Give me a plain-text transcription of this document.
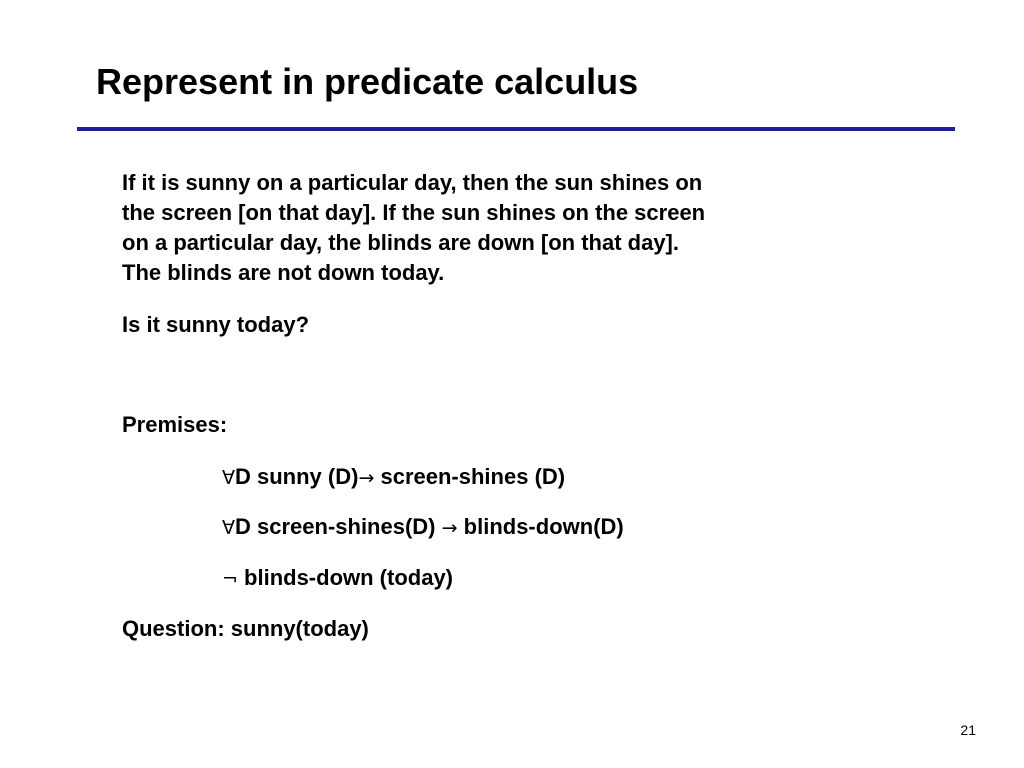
Represent in predicate calculus

If it is sunny on a particular day, then the sun shines on

the screen [on that day]. If the sun shines on the screen

on a particular day, the blinds are down [on that day].

The blinds are not down today.

Is it sunny today?

Premises:

∀D sunny (D)→ screen-shines (D)

∀D screen-shines(D) → blinds-down(D)

¬ blinds-down (today)

Question: sunny(today)

21
